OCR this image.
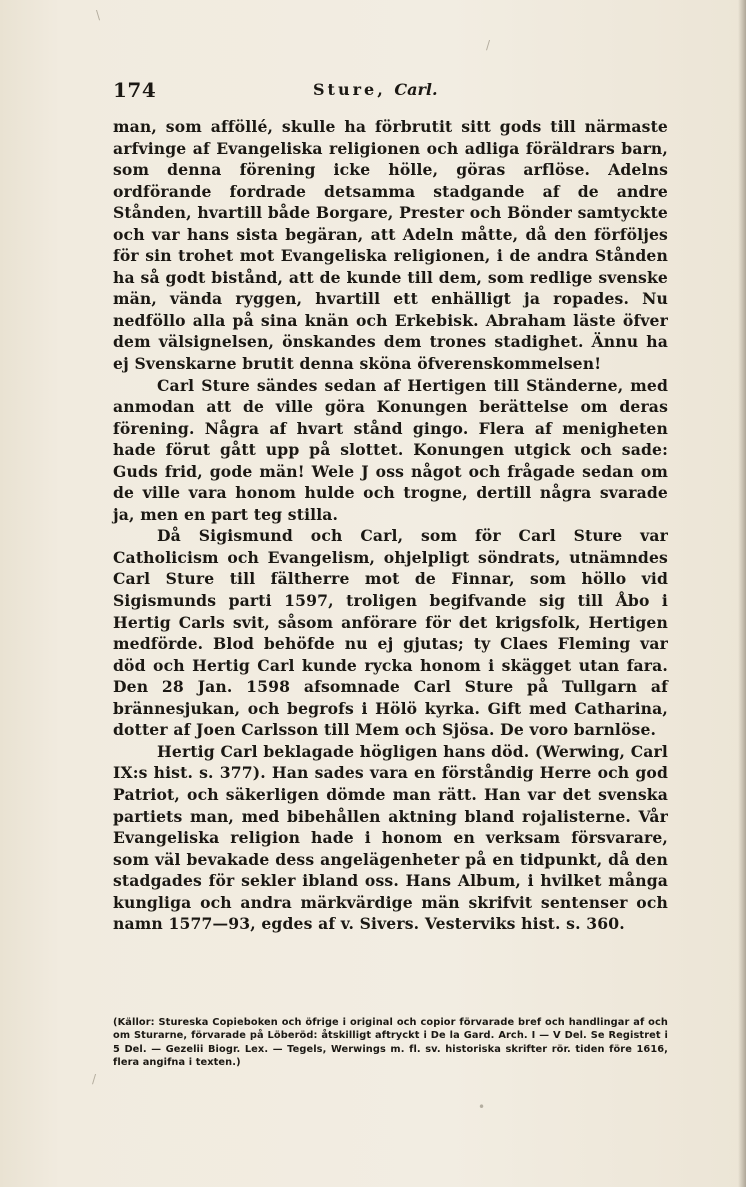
174	Sture, Carl.

man, som afföllé, skulle ha förbrutit sitt gods till närmaste arfvinge af Evangeliska religionen och adliga föräldrars barn, som denna förening icke hölle, göras arflöse. Adelns ordförande fordrade detsamma stadgande af de andre Stånden, hvartill både Borgare, Prester och Bönder samtyckte och var hans sista begäran, att Adeln måtte, då den förföljes för sin trohet mot Evangeliska religionen, i de andra Stånden ha så godt bistånd, att de kunde till dem, som redlige svenske män, vända ryggen, hvartill ett enhälligt ja ropades. Nu nedföllo alla på sina knän och Erkebisk. Abraham läste öfver dem välsignelsen, önskandes dem trones stadighet. Ännu ha ej Svenskarne brutit denna sköna öfverenskommelsen!

Carl Sture sändes sedan af Hertigen till Ständerne, med anmodan att de ville göra Konungen berättelse om deras förening. Några af hvart stånd gingo. Flera af menigheten hade förut gått upp på slottet. Konungen utgick och sade: Guds frid, gode män! Wele J oss något och frågade sedan om de ville vara honom hulde och trogne, dertill några svarade ja, men en part teg stilla.

Då Sigismund och Carl, som för Carl Sture var Catholicism och Evangelism, ohjelpligt söndrats, utnämndes Carl Sture till fältherre mot de Finnar, som höllo vid Sigismunds parti 1597, troligen begifvande sig till Åbo i Hertig Carls svit, såsom anförare för det krigsfolk, Hertigen medförde. Blod behöfde nu ej gjutas; ty Claes Fleming var död och Hertig Carl kunde rycka honom i skägget utan fara. Den 28 Jan. 1598 afsomnade Carl Sture på Tullgarn af brännesjukan, och begrofs i Hölö kyrka. Gift med Catharina, dotter af Joen Carlsson till Mem och Sjösa. De voro barnlöse.

Hertig Carl beklagade högligen hans död. (Werwing, Carl IX:s hist. s. 377). Han sades vara en förståndig Herre och god Patriot, och säkerligen dömde man rätt. Han var det svenska partiets man, med bibehållen aktning bland rojalisterne. Vår Evangeliska religion hade i honom en verksam försvarare, som väl bevakade dess angelägenheter på en tidpunkt, då den stadgades för sekler ibland oss. Hans Album, i hvilket många kungliga och andra märkvärdige män skrifvit sentenser och namn 1577—93, egdes af v. Sivers. Vesterviks hist. s. 360.

(Källor: Stureska Copieboken och öfrige i original och copior förvarade bref och handlingar af och om Sturarne, förvarade på Löberöd: åtskilligt aftryckt i De la Gard. Arch. I — V Del. Se Registret i 5 Del. — Gezelii Biogr. Lex. — Tegels, Werwings m. fl. sv. historiska skrifter rör. tiden före 1616, flera angifna i texten.)
\
/
/
•
